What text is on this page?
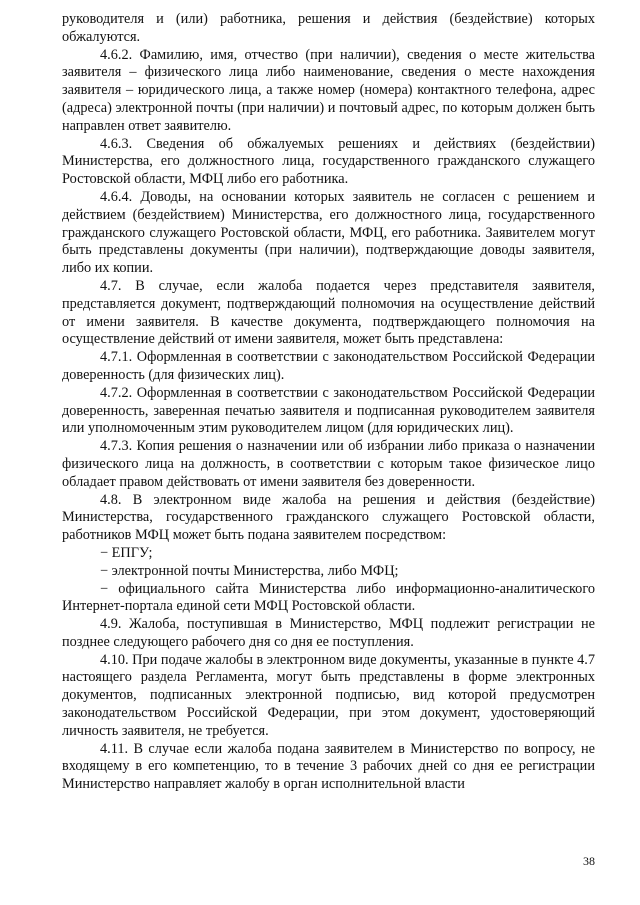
руководителя и (или) работника, решения и действия (бездействие) которых обжалуются.

4.6.2. Фамилию, имя, отчество (при наличии), сведения о месте жительства заявителя – физического лица либо наименование, сведения о месте нахождения заявителя – юридического лица, а также номер (номера) контактного телефона, адрес (адреса) электронной почты (при наличии) и почтовый адрес, по которым должен быть направлен ответ заявителю.

4.6.3. Сведения об обжалуемых решениях и действиях (бездействии) Министерства, его должностного лица, государственного гражданского служащего Ростовской области, МФЦ либо его работника.

4.6.4. Доводы, на основании которых заявитель не согласен с решением и действием (бездействием) Министерства, его должностного лица, государственного гражданского служащего Ростовской области, МФЦ, его работника. Заявителем могут быть представлены документы (при наличии), подтверждающие доводы заявителя, либо их копии.

4.7. В случае, если жалоба подается через представителя заявителя, представляется документ, подтверждающий полномочия на осуществление действий от имени заявителя. В качестве документа, подтверждающего полномочия на осуществление действий от имени заявителя, может быть представлена:

4.7.1. Оформленная в соответствии с законодательством Российской Федерации доверенность (для физических лиц).

4.7.2. Оформленная в соответствии с законодательством Российской Федерации доверенность, заверенная печатью заявителя и подписанная руководителем заявителя или уполномоченным этим руководителем лицом (для юридических лиц).

4.7.3. Копия решения о назначении или об избрании либо приказа о назначении физического лица на должность, в соответствии с которым такое физическое лицо обладает правом действовать от имени заявителя без доверенности.

4.8. В электронном виде жалоба на решения и действия (бездействие) Министерства, государственного гражданского служащего Ростовской области, работников МФЦ может быть подана заявителем посредством:

− ЕПГУ;

− электронной почты Министерства, либо МФЦ;

− официального сайта Министерства либо информационно-аналитического Интернет-портала единой сети МФЦ Ростовской области.

4.9. Жалоба, поступившая в Министерство, МФЦ подлежит регистрации не позднее следующего рабочего дня со дня ее поступления.

4.10. При подаче жалобы в электронном виде документы, указанные в пункте 4.7 настоящего раздела Регламента, могут быть представлены в форме электронных документов, подписанных электронной подписью, вид которой предусмотрен законодательством Российской Федерации, при этом документ, удостоверяющий личность заявителя, не требуется.

4.11. В случае если жалоба подана заявителем в Министерство по вопросу, не входящему в его компетенцию, то в течение 3 рабочих дней со дня ее регистрации Министерство направляет жалобу в орган исполнительной власти

38
